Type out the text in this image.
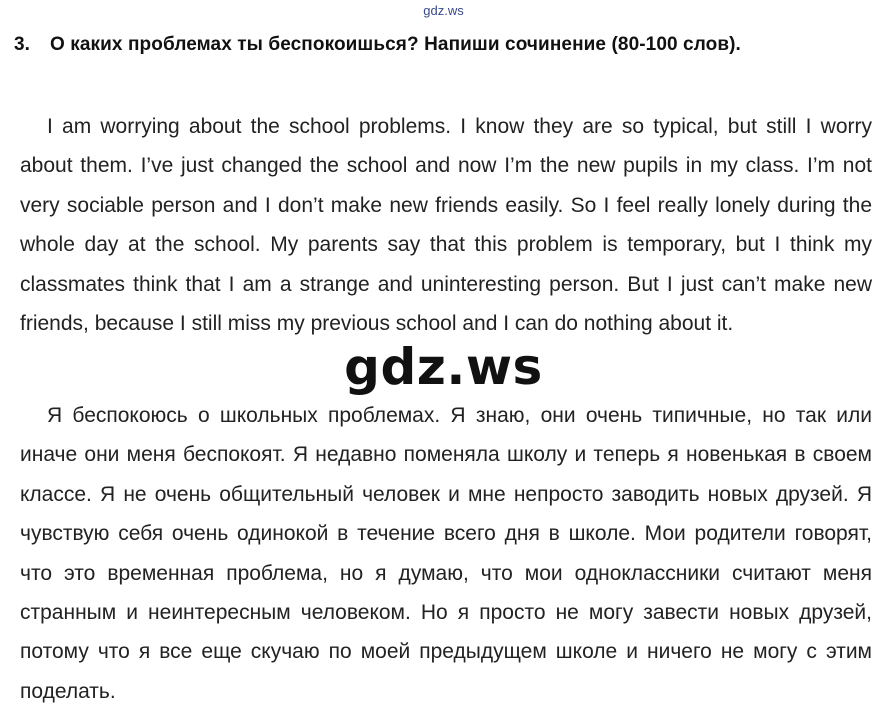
gdz.ws
3. О каких проблемах ты беспокоишься? Напиши сочинение (80-100 слов).

I am worrying about the school problems. I know they are so typical, but still I worry about them. I’ve just changed the school and now I’m the new pupils in my class. I’m not very sociable person and I don’t make new friends easily. So I feel really lonely during the whole day at the school. My parents say that this problem is temporary, but I think my classmates think that I am a strange and uninteresting person. But I just can’t make new friends, because I still miss my previous school and I can do nothing about it.

gdz.ws

Я беспокоюсь о школьных проблемах. Я знаю, они очень типичные, но так или иначе они меня беспокоят. Я недавно поменяла школу и теперь я новенькая в своем классе. Я не очень общительный человек и мне непросто заводить новых друзей. Я чувствую себя очень одинокой в течение всего дня в школе. Мои родители говорят, что это временная проблема, но я думаю, что мои одноклассники считают меня странным и неинтересным человеком. Но я просто не могу завести новых друзей, потому что я все еще скучаю по моей предыдущем школе и ничего не могу с этим поделать.
